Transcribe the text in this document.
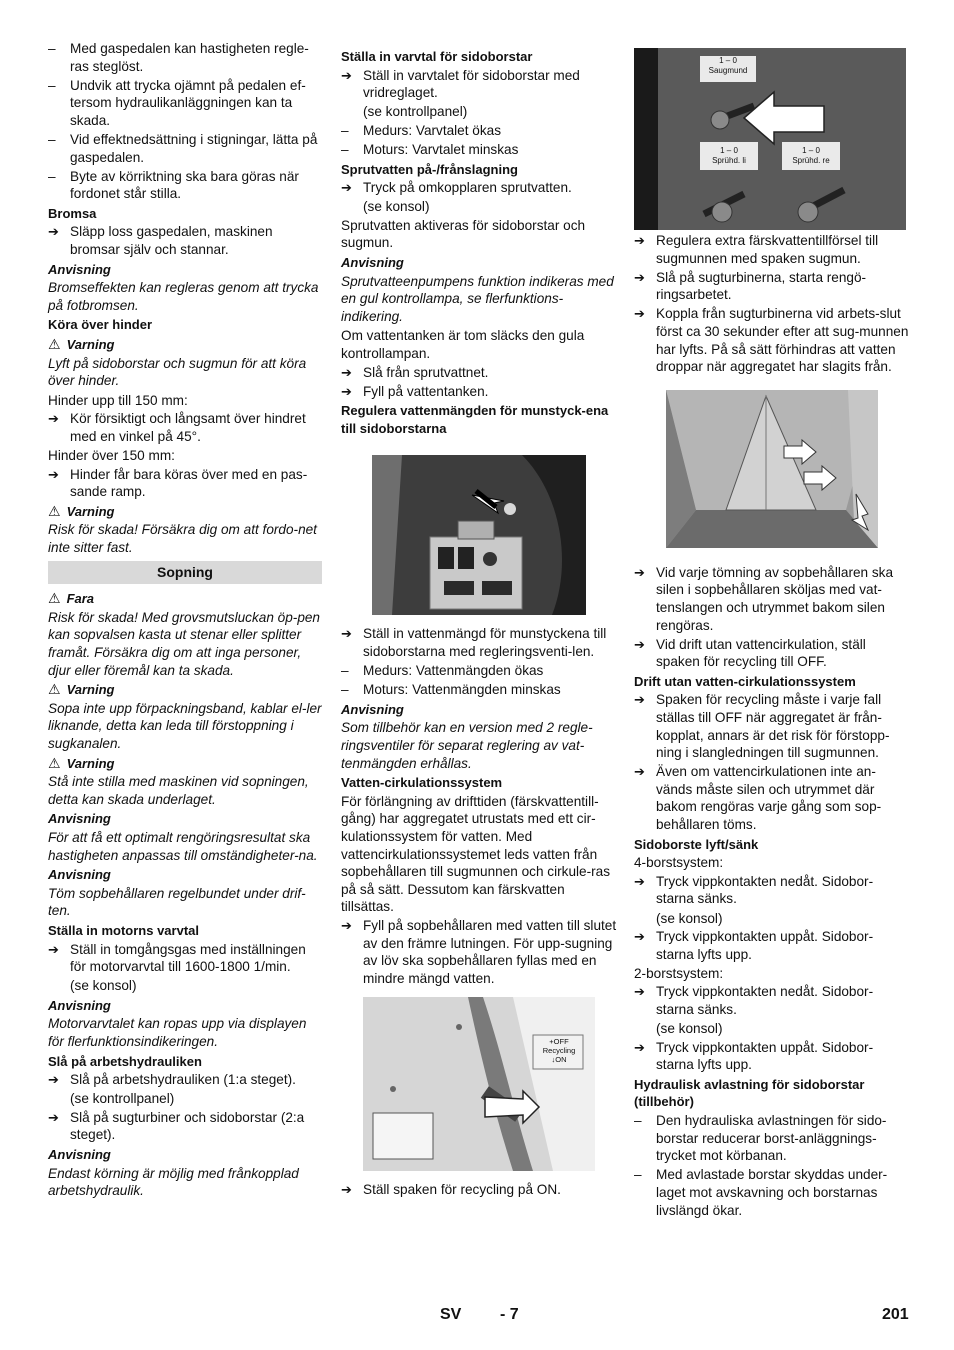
– Med gaspedalen kan hastigheten regle-ras steglöst.
– Undvik att trycka ojämnt på pedalen ef-tersom hydraulikanläggningen kan ta skada.
– Vid effektnedsättning i stigningar, lätta på gaspedalen.
– Byte av körriktning ska bara göras när fordonet står stilla.
Bromsa
➔ Släpp loss gaspedalen, maskinen bromsar själv och stannar.
Anvisning
Bromseffekten kan regleras genom att trycka på fotbromsen.
Köra över hinder
⚠ Varning
Lyft på sidoborstar och sugmun för att köra över hinder.
Hinder upp till 150 mm:
➔ Kör försiktigt och långsamt över hindret med en vinkel på 45°.
Hinder över 150 mm:
➔ Hinder får bara köras över med en pas-sande ramp.
⚠ Varning
Risk för skada! Försäkra dig om att fordo-net inte sitter fast.
Sopning
⚠ Fara
Risk för skada! Med grovsmutsluckan öp-pen kan sopvalsen kasta ut stenar eller splitter framåt. Försäkra dig om att inga personer, djur eller föremål kan ta skada.
⚠ Varning
Sopa inte upp förpackningsband, kablar el-ler liknande, detta kan leda till förstoppning i sugkanalen.
⚠ Varning
Stå inte stilla med maskinen vid sopningen, detta kan skada underlaget.
Anvisning
För att få ett optimalt rengöringsresultat ska hastigheten anpassas till omständigheter-na.
Anvisning
Töm sopbehållaren regelbundet under drif-ten.
Ställa in motorns varvtal
➔ Ställ in tomgångsgas med inställningen för motorvarvtal till 1600-1800 1/min.
(se konsol)
Anvisning
Motorvarvtalet kan ropas upp via displayen för flerfunktionsindikeringen.
Slå på arbetshydrauliken
➔ Slå på arbetshydrauliken (1:a steget).
(se kontrollpanel)
➔ Slå på sugturbiner och sidoborstar (2:a steget).
Anvisning
Endast körning är möjlig med frånkopplad arbetshydraulik.
Ställa in varvtal för sidoborstar
➔ Ställ in varvtalet för sidoborstar med vridreglaget.
(se kontrollpanel)
– Medurs: Varvtalet ökas
– Moturs: Varvtalet minskas
Sprutvatten på-/frånslagning
➔ Tryck på omkopplaren sprutvatten.
(se konsol)
Sprutvatten aktiveras för sidoborstar och sugmun.
Anvisning
Sprutvatteenpumpens funktion indikeras med en gul kontrollampa, se flerfunktions-indikering.
Om vattentanken är tom släcks den gula kontrollampan.
➔ Slå från sprutvattnet.
➔ Fyll på vattentanken.
Regulera vattenmängden för munstyck-ena till sidoborstarna
➔ Ställ in vattenmängd för munstyckena till sidoborstarna med regleringsventi-len.
– Medurs: Vattenmängden ökas
– Moturs: Vattenmängden minskas
Anvisning
Som tillbehör kan en version med 2 regle-ringsventiler för separat reglering av vat-tenmängden erhållas.
Vatten-cirkulationssystem
För förlängning av drifttiden (färskvattentill-gång) har aggregatet utrustats med ett cir-kulationssystem för vatten. Med vattencirkulationssystemet leds vatten från sopbehållaren till sugmunnen och cirkule-ras på så sätt. Dessutom kan färskvatten tillsättas.
➔ Fyll på sopbehållaren med vatten till slutet av den främre lutningen. För upp-sugning av löv ska sopbehållaren fyllas med en mindre mängd vatten.
+OFF
Recycling
↓ON
➔ Ställ spaken för recycling på ON.
1 – 0
Saugmund
1 – 0
Sprühd. li
1 – 0
Sprühd. re
➔ Regulera extra färskvattentillförsel till sugmunnen med spaken sugmun.
➔ Slå på sugturbinerna, starta rengö-ringsarbetet.
➔ Koppla från sugturbinerna vid arbets-slut först ca 30 sekunder efter att sug-munnen har lyfts. På så sätt förhindras att vatten droppar när aggregatet har slagits från.
➔ Vid varje tömning av sopbehållaren ska silen i sopbehållaren sköljas med vat-tenslangen och utrymmet bakom silen rengöras.
➔ Vid drift utan vattencirkulation, ställ spaken för recycling till OFF.
Drift utan vatten-cirkulationssystem
➔ Spaken för recycling måste i varje fall ställas till OFF när aggregatet är från-kopplat, annars är det risk för förstopp-ning i slangledningen till sugmunnen.
➔ Även om vattencirkulationen inte an-vänds måste silen och utrymmet där bakom rengöras varje gång som sop-behållaren töms.
Sidoborste lyft/sänk
4-borstsystem:
➔ Tryck vippkontakten nedåt. Sidobor-starna sänks.
(se konsol)
➔ Tryck vippkontakten uppåt. Sidobor-starna lyfts upp.
2-borstsystem:
➔ Tryck vippkontakten nedåt. Sidobor-starna sänks.
(se konsol)
➔ Tryck vippkontakten uppåt. Sidobor-starna lyfts upp.
Hydraulisk avlastning för sidoborstar (tillbehör)
– Den hydrauliska avlastningen för sido-borstar reducerar borst-anläggnings-trycket mot körbanan.
– Med avlastade borstar skyddas under-laget mot avskavning och borstarnas livslängd ökar.
SV - 7	201
